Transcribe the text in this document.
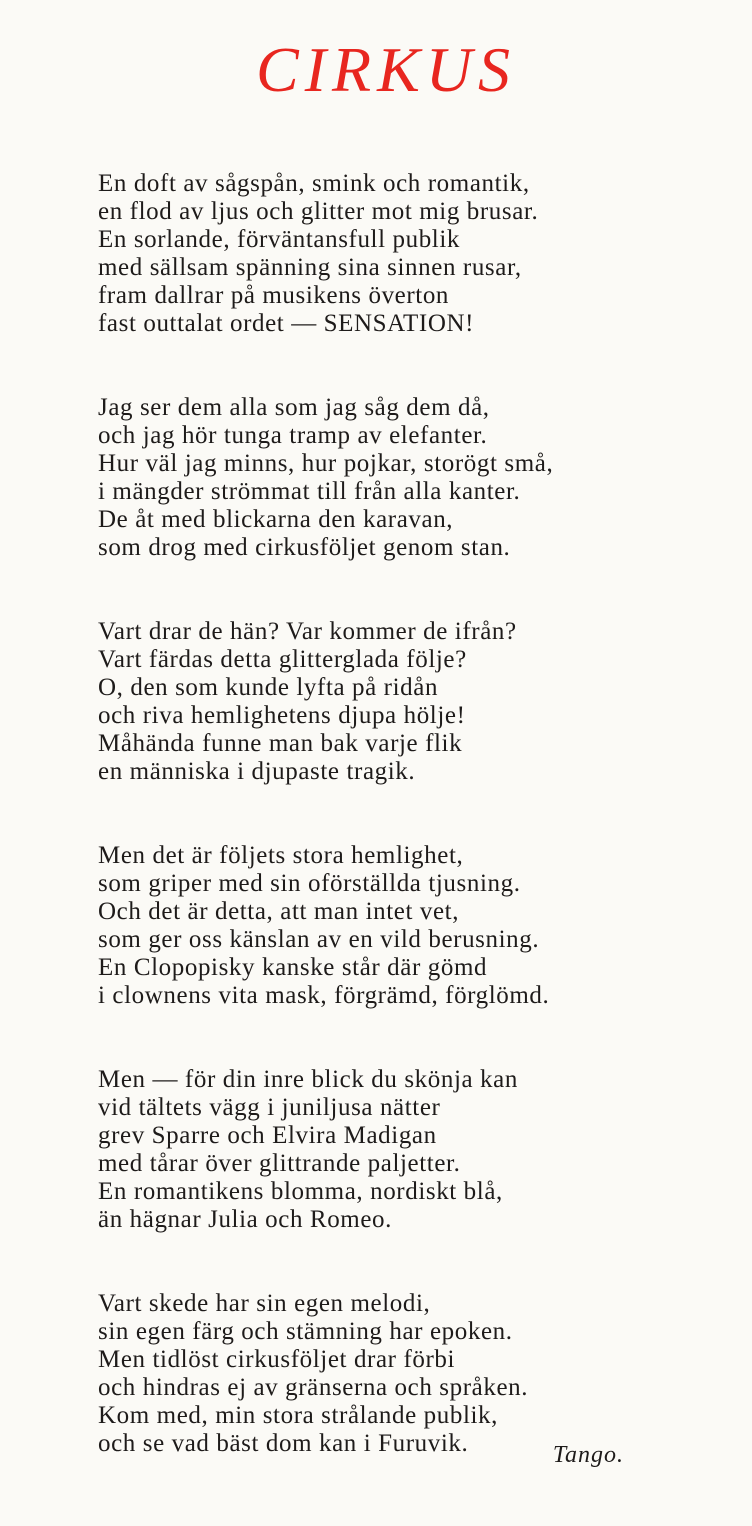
CIRKUS
En doft av sågspån, smink och romantik,
en flod av ljus och glitter mot mig brusar.
En sorlande, förväntansfull publik
med sällsam spänning sina sinnen rusar,
fram dallrar på musikens överton
fast outtalat ordet — SENSATION!
Jag ser dem alla som jag såg dem då,
och jag hör tunga tramp av elefanter.
Hur väl jag minns, hur pojkar, storögt små,
i mängder strömmat till från alla kanter.
De åt med blickarna den karavan,
som drog med cirkusföljet genom stan.
Vart drar de hän? Var kommer de ifrån?
Vart färdas detta glitterglada följe?
O, den som kunde lyfta på ridån
och riva hemlighetens djupa hölje!
Måhända funne man bak varje flik
en människa i djupaste tragik.
Men det är följets stora hemlighet,
som griper med sin oförställda tjusning.
Och det är detta, att man intet vet,
som ger oss känslan av en vild berusning.
En Clopopisky kanske står där gömd
i clownens vita mask, förgrämd, förglömd.
Men — för din inre blick du skönja kan
vid tältets vägg i juniljusa nätter
grev Sparre och Elvira Madigan
med tårar över glittrande paljetter.
En romantikens blomma, nordiskt blå,
än hägnar Julia och Romeo.
Vart skede har sin egen melodi,
sin egen färg och stämning har epoken.
Men tidlöst cirkusföljet drar förbi
och hindras ej av gränserna och språken.
Kom med, min stora strålande publik,
och se vad bäst dom kan i Furuvik.	Tango.
